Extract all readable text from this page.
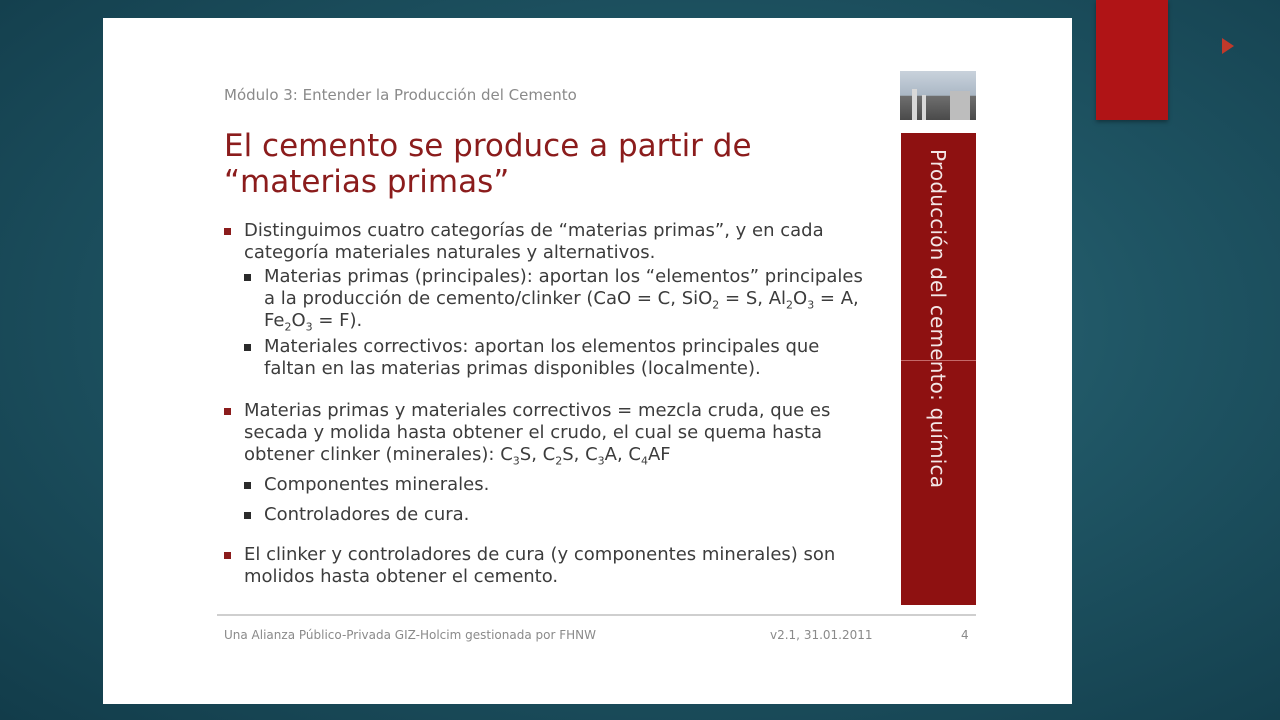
Módulo 3: Entender la Producción del Cemento
El cemento se produce a partir de
“materias primas”	Producción del cemento: química
Distinguimos cuatro categorías de “materias primas”, y en cada categoría materiales naturales y alternativos.
Materias primas (principales): aportan los “elementos” principales a la producción de cemento/clinker (CaO = C, SiO$_2$ = S, $Al_2O_3 = A$, $Fe_2O_3 = F$).
Materiales correctivos: aportan los elementos principales que faltan en las materias primas disponibles (localmente).
Materias primas y materiales correctivos = mezcla cruda, que es secada y molida hasta obtener el crudo, el cual se quema hasta obtener clinker (minerales): $C_3S$, $C_2S$, $C_3A$, $C_4AF$
Componentes minerales.
Controladores de cura.
El clinker y controladores de cura (y componentes minerales) son molidos hasta obtener el cemento.
Una Alianza Público-Privada GIZ-Holcim gestionada por FHNW	v2.1, 31.01.2011	4
